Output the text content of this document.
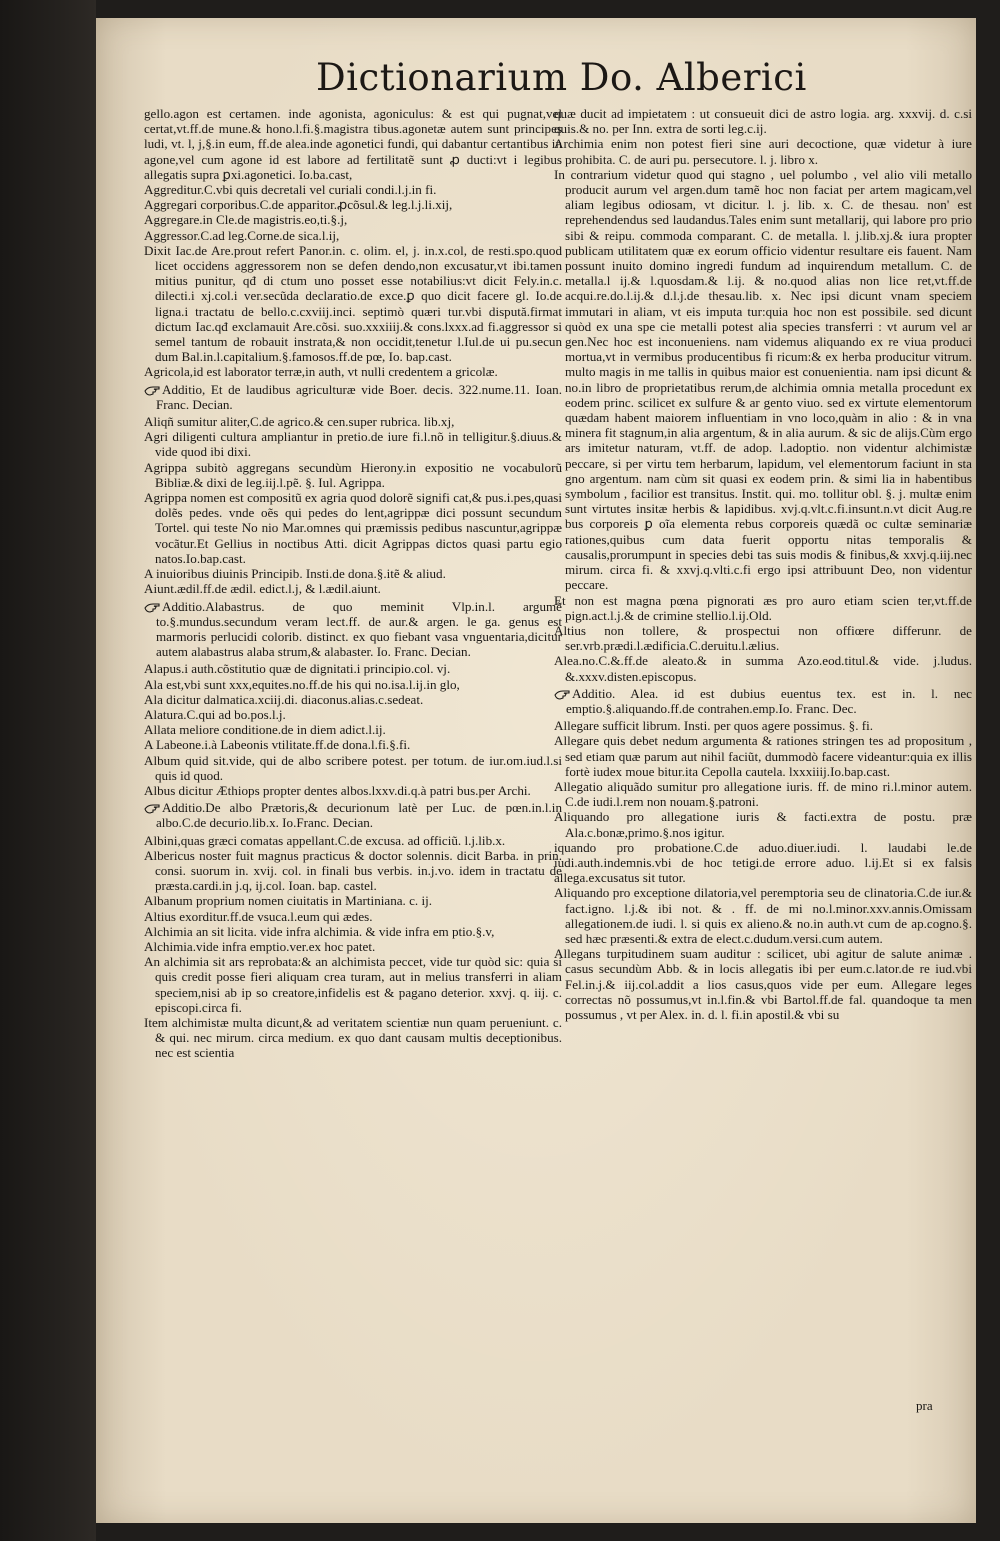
Dictionarium Do. Alberici
gello.agon est certamen. inde agonista, agoniculus: & est qui pugnat,vel certat,vt.ff.de mune.& hono.l.fi.§.magistra tibus.agonetæ autem sunt principes ludi, vt. l, j,§.in eum, ff.de alea.inde agonetici fundi, qui dabantur certantibus in agone,vel cum agone id est labore ad fertilitatẽ sunt ꝓ ducti:vt i legibus allegatis supra ꝑxi.agonetici. Io.ba.cast,
Aggreditur.C.vbi quis decretali vel curiali condi.l.j.in fi.
Aggregari corporibus.C.de apparitor.ꝓcõsul.& leg.l.j.li.xij,
Aggregare.in Cle.de magistris.eo,ti.§.j,
Aggressor.C.ad leg.Corne.de sica.l.ij,
Dixit Iac.de Are.prout refert Panor.in. c. olim. el, j. in.x.col, de resti.spo.quod licet occidens aggressorem non se defen dendo,non excusatur,vt ibi.tamen mitius punitur, qđ di ctum uno posset esse notabilius:vt dicit Fely.in.c. dilecti.i xj.col.i ver.secũda declaratio.de exce.ꝑ quo dicit facere gl. Io.de ligna.i tractatu de bello.c.cxviij.inci. septimò quæri tur.vbi dispută.firmat dictum Iac.qđ exclamauit Are.cõsi. suo.xxxiiij.& cons.lxxx.ad fi.aggressor si semel tantum de robauit instrata,& non occidit,tenetur l.Iul.de ui pu.secun dum Bal.in.l.capitalium.§.famosos.ff.de pœ, Io. bap.cast.
Agricola,id est laborator terræ,in auth, vt nulli credentem a gricolæ.
Additio, Et de laudibus agriculturæ vide Boer. decis. 322.nume.11. Ioan. Franc. Decian.
Aliqñ sumitur aliter,C.de agrico.& cen.super rubrica. lib.xj,
Agri diligenti cultura ampliantur in pretio.de iure fi.l.nõ in telligitur.§.diuus.& vide quod ibi dixi.
Agrippa subitò aggregans secundùm Hierony.in expositio ne vocabulorũ Bibliæ.& dixi de leg.iij.l.pẽ. §. Iul. Agrippa.
Agrippa nomen est compositũ ex agria quod dolorẽ signifi cat,& pus.i.pes,quasi dolẽs pedes. vnde oẽs qui pedes do lent,agrippæ dici possunt secundum Tortel. qui teste No nio Mar.omnes qui præmissis pedibus nascuntur,agrippæ vocãtur.Et Gellius in noctibus Atti. dicit Agrippas dictos quasi partu egio natos.Io.bap.cast.
A inuioribus diuinis Principib. Insti.de dona.§.itẽ & aliud.
Aiunt.ædil.ff.de ædil. edict.l.j, & l.ædil.aiunt.
Additio.Alabastrus. de quo meminit Vlp.in.l. argumẽ to.§.mundus.secundum veram lect.ff. de aur.& argen. le ga. genus est marmoris perlucidi colorib. distinct. ex quo fiebant vasa vnguentaria,dicitur autem alabastrus alaba strum,& alabaster. Io. Franc. Decian.
Alapus.i auth.cõstitutio quæ de dignitati.i principio.col. vj.
Ala est,vbi sunt xxx,equites.no.ff.de his qui no.isa.l.ij.in glo,
Ala dicitur dalmatica.xciij.di. diaconus.alias.c.sedeat.
Alatura.C.qui ad bo.pos.l.j.
Allata meliore conditione.de in diem adict.l.ij.
A Labeone.i.à Labeonis vtilitate.ff.de dona.l.fi.§.fi.
Album quid sit.vide, qui de albo scribere potest. per totum. de iur.om.iud.l.si quis id quod.
Albus dicitur Æthiops propter dentes albos.lxxv.di.q.à patri bus.per Archi.
Additio.De albo Prætoris,& decurionum latè per Luc. de pœn.in.l.in albo.C.de decurio.lib.x. Io.Franc. Decian.
Albini,quas græci comatas appellant.C.de excusa. ad officiũ. l.j.lib.x.
Albericus noster fuit magnus practicus & doctor solennis. dicit Barba. in prin. consi. suorum in. xvij. col. in finali bus verbis. in.j.vo. idem in tractatu de præsta.cardi.in j.q, ij.col. Ioan. bap. castel.
Albanum proprium nomen ciuitatis in Martiniana. c. ij.
Altius exorditur.ff.de vsuca.l.eum qui ædes.
Alchimia an sit licita. vide infra alchimia. & vide infra em ptio.§.v,
Alchimia.vide infra emptio.ver.ex hoc patet.
An alchimia sit ars reprobata:& an alchimista peccet, vide tur quòd sic: quia si quis credit posse fieri aliquam crea turam, aut in melius transferri in aliam speciem,nisi ab ip so creatore,infidelis est & pagano deterior. xxvj. q. iij. c. episcopi.circa fi.
Item alchimistæ multa dicunt,& ad veritatem scientiæ nun quam perueniunt. c. & qui. nec mirum. circa medium. ex quo dant causam multis deceptionibus. nec est scientia
quæ ducit ad impietatem : ut consueuit dici de astro logia. arg. xxxvij. d. c.si quis.& no. per Inn. extra de sorti leg.c.ij.
Archimia enim non potest fieri sine auri decoctione, quæ videtur à iure prohibita. C. de auri pu. persecutore. l. j. libro x.
In contrarium videtur quod qui stagno , uel polumbo , vel alio vili metallo producit aurum vel argen.dum tamẽ hoc non faciat per artem magicam,vel aliam legibus odiosam, vt dicitur. l. j. lib. x. C. de thesau. non' est reprehendendus sed laudandus.Tales enim sunt metallarij, qui labore pro prio sibi & reipu. commoda comparant. C. de metalla. l. j.lib.xj.& iura propter publicam utilitatem quæ ex eorum officio videntur resultare eis fauent. Nam possunt inuito domino ingredi fundum ad inquirendum metallum. C. de metalla.l ij.& l.quosdam.& l.ij. & no.quod alias non lice ret,vt.ff.de acqui.re.do.l.ij.& d.l.j.de thesau.lib. x. Nec ipsi dicunt vnam speciem immutari in aliam, vt eis imputa tur:quia hoc non est possibile. sed dicunt quòd ex una spe cie metalli potest alia species transferri : vt aurum vel ar gen.Nec hoc est inconueniens. nam videmus aliquando ex re viua produci mortua,vt in vermibus producentibus fi ricum:& ex herba producitur vitrum. multo magis in me tallis in quibus maior est conuenientia. nam ipsi dicunt & no.in libro de proprietatibus rerum,de alchimia omnia metalla procedunt ex eodem princ. scilicet ex sulfure & ar gento viuo. sed ex virtute elementorum quædam habent maiorem influentiam in vno loco,quàm in alio : & in vna minera fit stagnum,in alia argentum, & in alia aurum. & sic de alijs.Cùm ergo ars imitetur naturam, vt.ff. de adop. l.adoptio. non videntur alchimistæ peccare, si per virtu tem herbarum, lapidum, vel elementorum faciunt in sta gno argentum. nam cùm sit quasi ex eodem prin. & simi lia in habentibus symbolum , facilior est transitus. Instit. qui. mo. tollitur obl. §. j. multæ enim sunt virtutes insitæ herbis & lapidibus. xvj.q.vlt.c.fi.insunt.n.vt dicit Aug.re bus corporeis ꝑ oĩa elementa rebus corporeis quædã oc cultæ seminariæ rationes,quibus cum data fuerit opportu nitas temporalis & causalis,prorumpunt in species debi tas suis modis & finibus,& xxvj.q.iij.nec mirum. circa fi. & xxvj.q.vlti.c.fi ergo ipsi attribuunt Deo, non videntur peccare.
Et non est magna pœna pignorati æs pro auro etiam scien ter,vt.ff.de pign.act.l.j.& de crimine stellio.l.ij.Old.
Altius non tollere, & prospectui non offiœre differunr. de ser.vrb.prædi.l.ædificia.C.deruitu.l.ælius.
Alea.no.C.&.ff.de aleato.& in summa Azo.eod.titul.& vide. j.ludus. &.xxxv.disten.episcopus.
Additio. Alea. id est dubius euentus tex. est in. l. nec emptio.§.aliquando.ff.de contrahen.emp.Io. Franc. Dec.
Allegare sufficit librum. Insti. per quos agere possimus. §. fi.
Allegare quis debet nedum argumenta & rationes stringen tes ad propositum , sed etiam quæ parum aut nihil faciũt, dummodò facere videantur:quia ex illis fortè iudex moue bitur.ita Cepolla cautela. lxxxiiij.Io.bap.cast.
Allegatio aliquãdo sumitur pro allegatione iuris. ff. de mino ri.l.minor autem. C.de iudi.l.rem non nouam.§.patroni.
Aliquando pro allegatione iuris & facti.extra de postu. præ Ala.c.bonæ,primo.§.nos igitur.
iquando pro probatione.C.de aduo.diuer.iudi. l. laudabi le.de iudi.auth.indemnis.vbi de hoc tetigi.de errore aduo. l.ij.Et si ex falsis allega.excusatus sit tutor.
Aliquando pro exceptione dilatoria,vel peremptoria seu de clinatoria.C.de iur.& fact.igno. l.j.& ibi not. & . ff. de mi no.l.minor.xxv.annis.Omissam allegationem.de iudi. l. si quis ex alieno.& no.in auth.vt cum de ap.cogno.§. sed hæc præsenti.& extra de elect.c.dudum.versi.cum autem.
Allegans turpitudinem suam auditur : scilicet, ubi agitur de salute animæ . casus secundùm Abb. & in locis allegatis ibi per eum.c.lator.de re iud.vbi Fel.in.j.& iij.col.addit a lios casus,quos vide per eum. Allegare leges correctas nõ possumus,vt in.l.fin.& vbi Bartol.ff.de fal. quandoque ta men possumus , vt per Alex. in. d. l. fi.in apostil.& vbi su
pra
